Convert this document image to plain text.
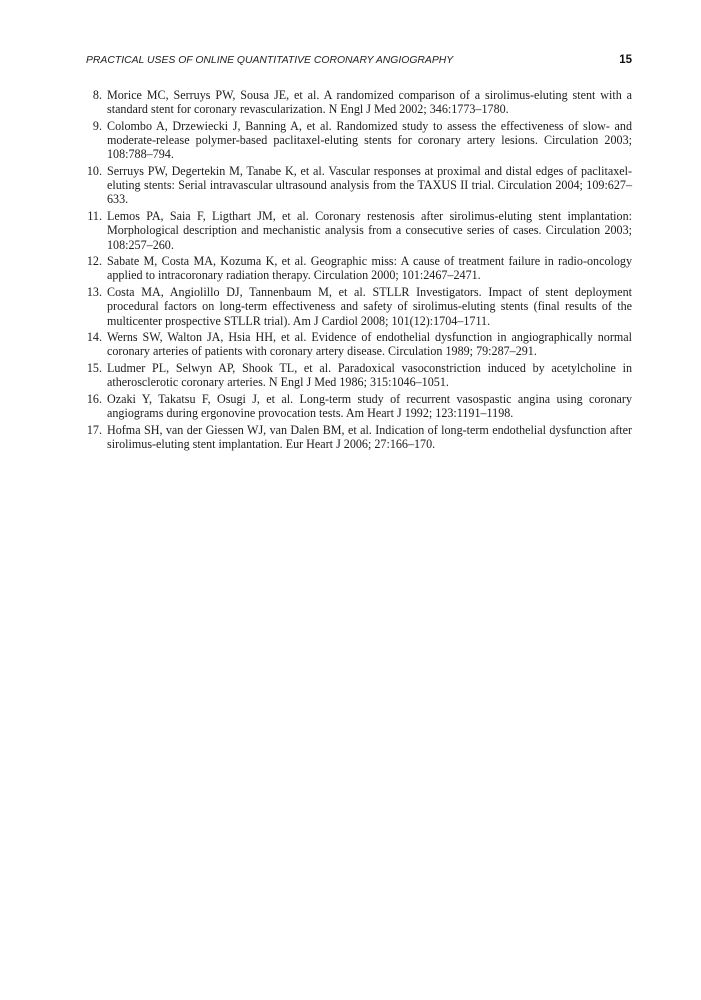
PRACTICAL USES OF ONLINE QUANTITATIVE CORONARY ANGIOGRAPHY	15
8. Morice MC, Serruys PW, Sousa JE, et al. A randomized comparison of a sirolimus-eluting stent with a standard stent for coronary revascularization. N Engl J Med 2002; 346:1773–1780.
9. Colombo A, Drzewiecki J, Banning A, et al. Randomized study to assess the effectiveness of slow- and moderate-release polymer-based paclitaxel-eluting stents for coronary artery lesions. Circulation 2003; 108:788–794.
10. Serruys PW, Degertekin M, Tanabe K, et al. Vascular responses at proximal and distal edges of paclitaxel-eluting stents: Serial intravascular ultrasound analysis from the TAXUS II trial. Circulation 2004; 109:627–633.
11. Lemos PA, Saia F, Ligthart JM, et al. Coronary restenosis after sirolimus-eluting stent implantation: Morphological description and mechanistic analysis from a consecutive series of cases. Circulation 2003; 108:257–260.
12. Sabate M, Costa MA, Kozuma K, et al. Geographic miss: A cause of treatment failure in radio-oncology applied to intracoronary radiation therapy. Circulation 2000; 101:2467–2471.
13. Costa MA, Angiolillo DJ, Tannenbaum M, et al. STLLR Investigators. Impact of stent deployment procedural factors on long-term effectiveness and safety of sirolimus-eluting stents (final results of the multicenter prospective STLLR trial). Am J Cardiol 2008; 101(12):1704–1711.
14. Werns SW, Walton JA, Hsia HH, et al. Evidence of endothelial dysfunction in angiographically normal coronary arteries of patients with coronary artery disease. Circulation 1989; 79:287–291.
15. Ludmer PL, Selwyn AP, Shook TL, et al. Paradoxical vasoconstriction induced by acetylcholine in atherosclerotic coronary arteries. N Engl J Med 1986; 315:1046–1051.
16. Ozaki Y, Takatsu F, Osugi J, et al. Long-term study of recurrent vasospastic angina using coronary angiograms during ergonovine provocation tests. Am Heart J 1992; 123:1191–1198.
17. Hofma SH, van der Giessen WJ, van Dalen BM, et al. Indication of long-term endothelial dysfunction after sirolimus-eluting stent implantation. Eur Heart J 2006; 27:166–170.
